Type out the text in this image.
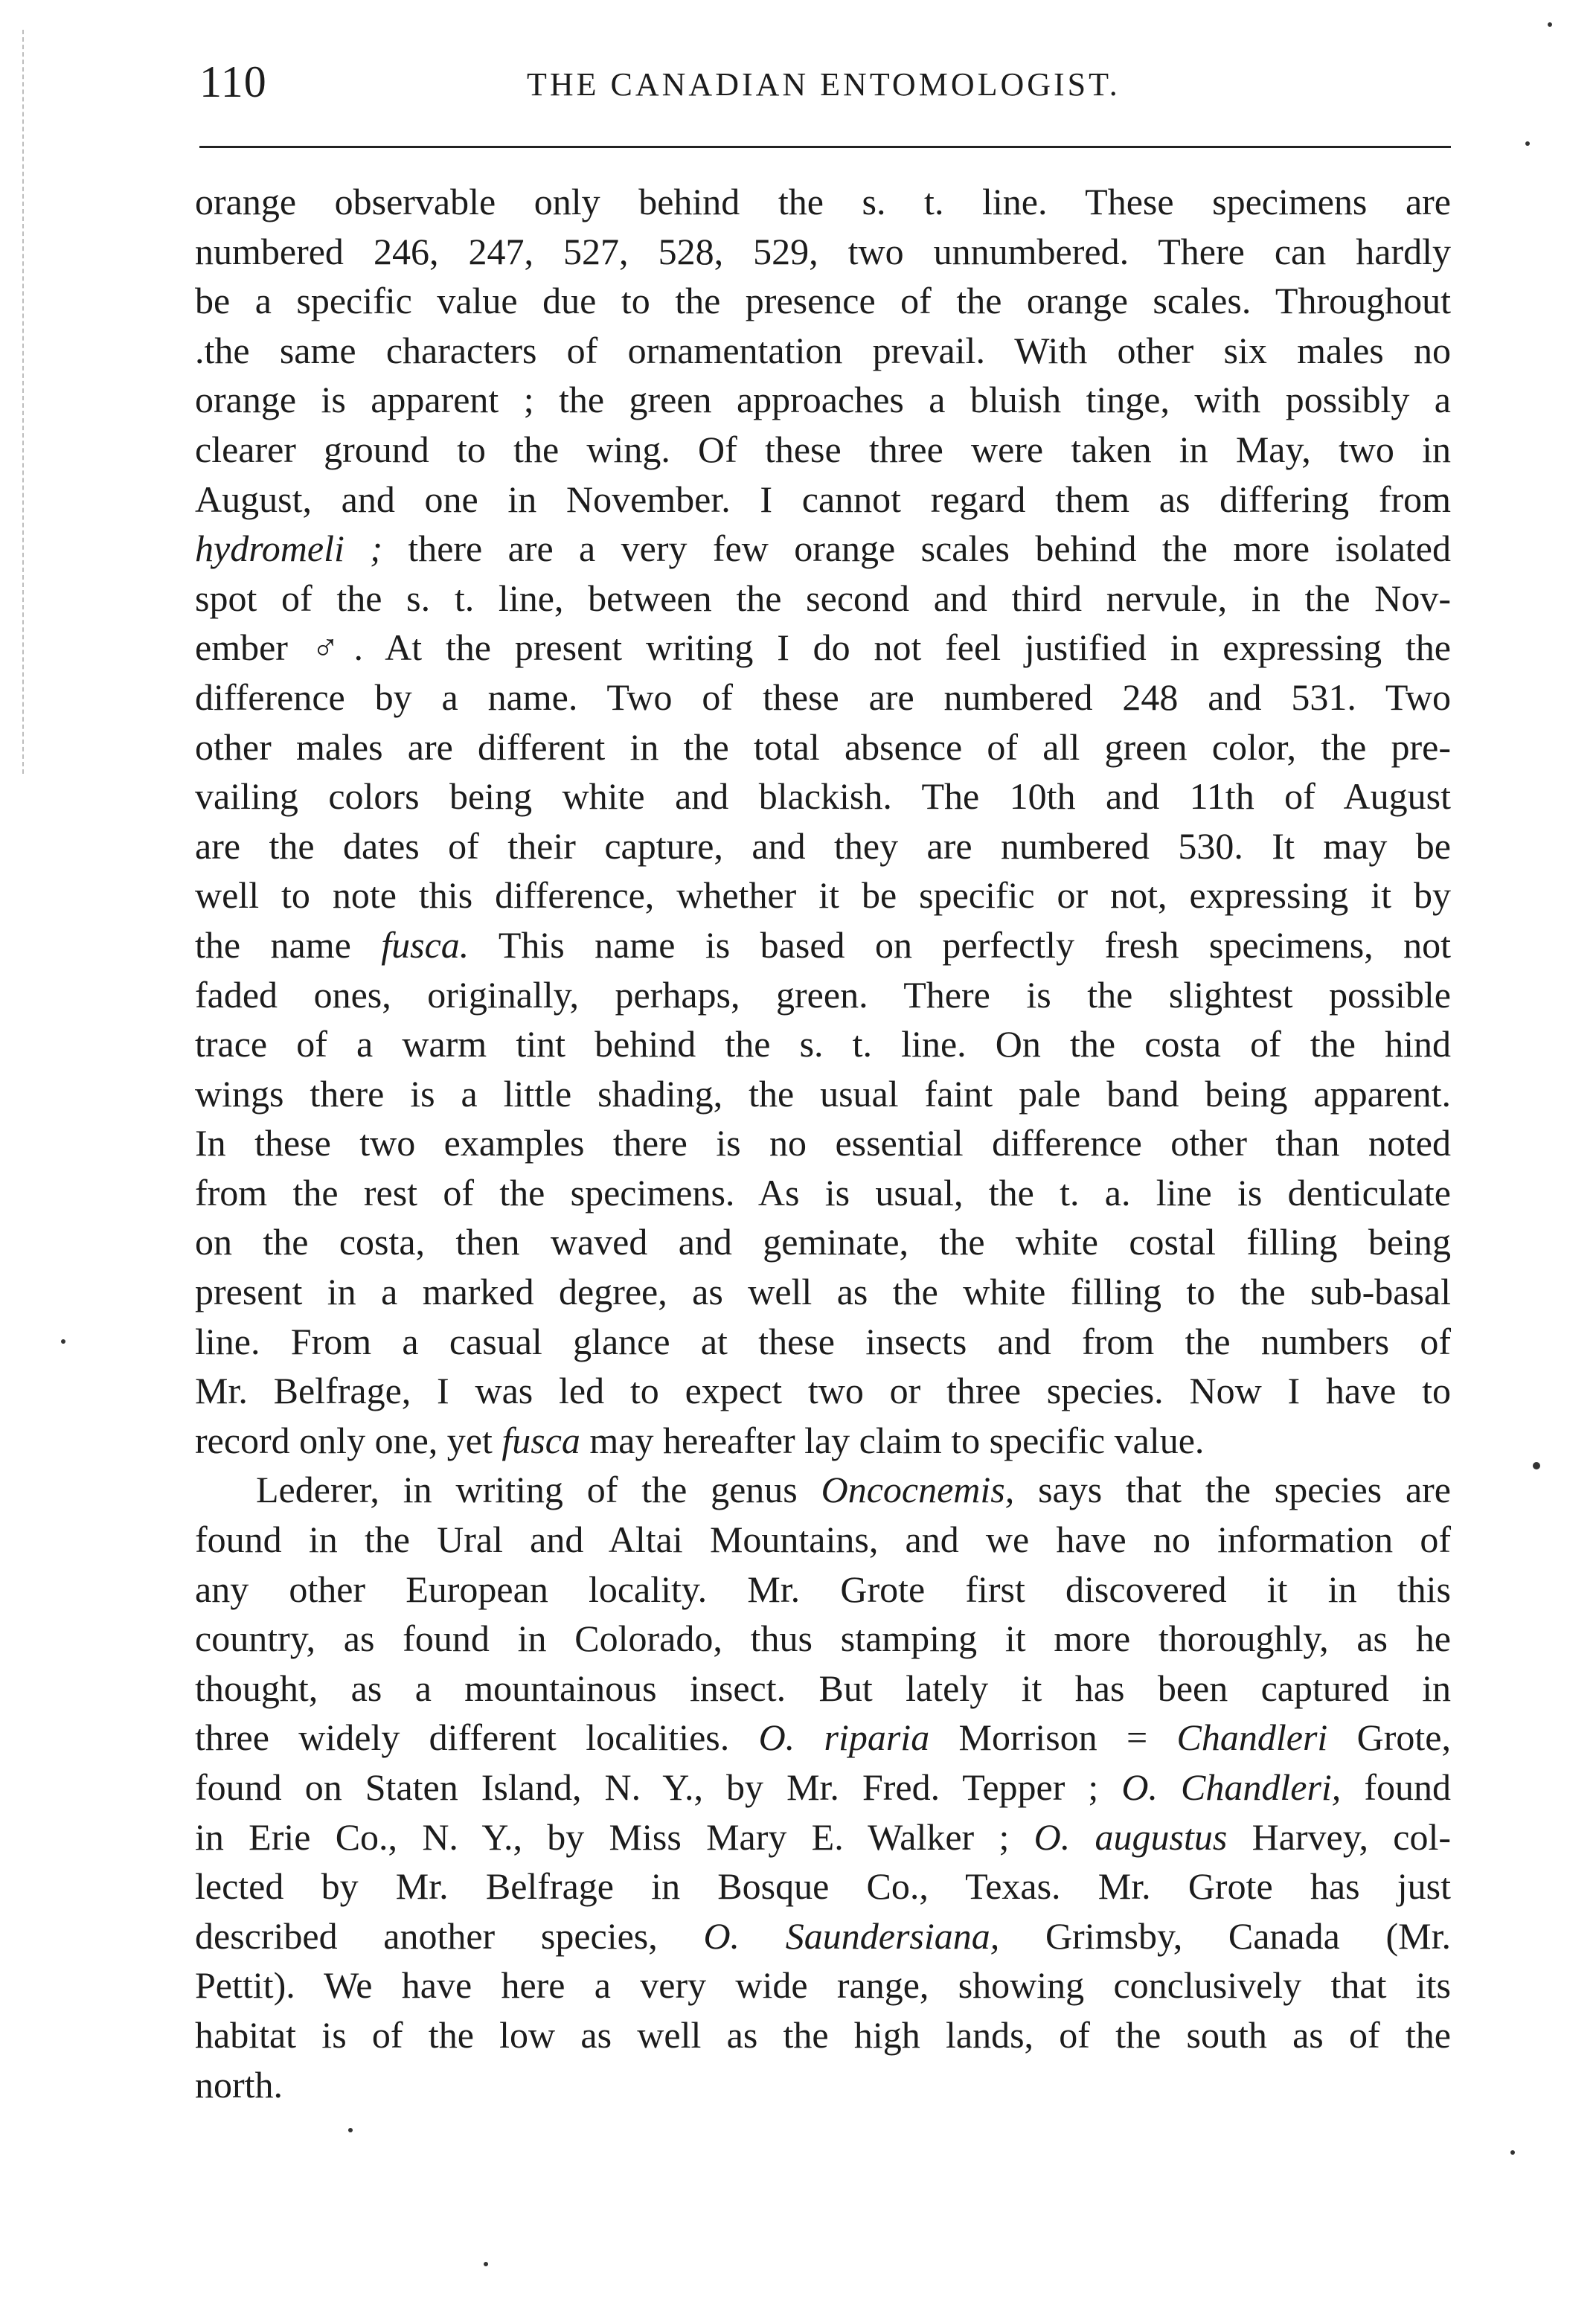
110	THE CANADIAN ENTOMOLOGIST.
orange observable only behind the s. t. line. These specimens are
numbered 246, 247, 527, 528, 529, two unnumbered. There can hardly
be a specific value due to the presence of the orange scales. Throughout
.the same characters of ornamentation prevail. With other six males no
orange is apparent ; the green approaches a bluish tinge, with possibly a
clearer ground to the wing. Of these three were taken in May, two in
August, and one in November. I cannot regard them as differing from
hydromeli ; there are a very few orange scales behind the more isolated
spot of the s. t. line, between the second and third nervule, in the Nov-
ember ♂. At the present writing I do not feel justified in expressing the
difference by a name. Two of these are numbered 248 and 531. Two
other males are different in the total absence of all green color, the pre-
vailing colors being white and blackish. The 10th and 11th of August
are the dates of their capture, and they are numbered 530. It may be
well to note this difference, whether it be specific or not, expressing it by
the name fusca. This name is based on perfectly fresh specimens, not
faded ones, originally, perhaps, green. There is the slightest possible
trace of a warm tint behind the s. t. line. On the costa of the hind
wings there is a little shading, the usual faint pale band being apparent.
In these two examples there is no essential difference other than noted
from the rest of the specimens. As is usual, the t. a. line is denticulate
on the costa, then waved and geminate, the white costal filling being
present in a marked degree, as well as the white filling to the sub-basal
line. From a casual glance at these insects and from the numbers of
Mr. Belfrage, I was led to expect two or three species. Now I have to
record only one, yet fusca may hereafter lay claim to specific value.
Lederer, in writing of the genus Oncocnemis, says that the species are
found in the Ural and Altai Mountains, and we have no information of
any other European locality. Mr. Grote first discovered it in this
country, as found in Colorado, thus stamping it more thoroughly, as he
thought, as a mountainous insect. But lately it has been captured in
three widely different localities. O. riparia Morrison = Chandleri Grote,
found on Staten Island, N. Y., by Mr. Fred. Tepper ; O. Chandleri, found
in Erie Co., N. Y., by Miss Mary E. Walker ; O. augustus Harvey, col-
lected by Mr. Belfrage in Bosque Co., Texas. Mr. Grote has just
described another species, O. Saundersiana, Grimsby, Canada (Mr.
Pettit). We have here a very wide range, showing conclusively that its
habitat is of the low as well as the high lands, of the south as of the
north.
